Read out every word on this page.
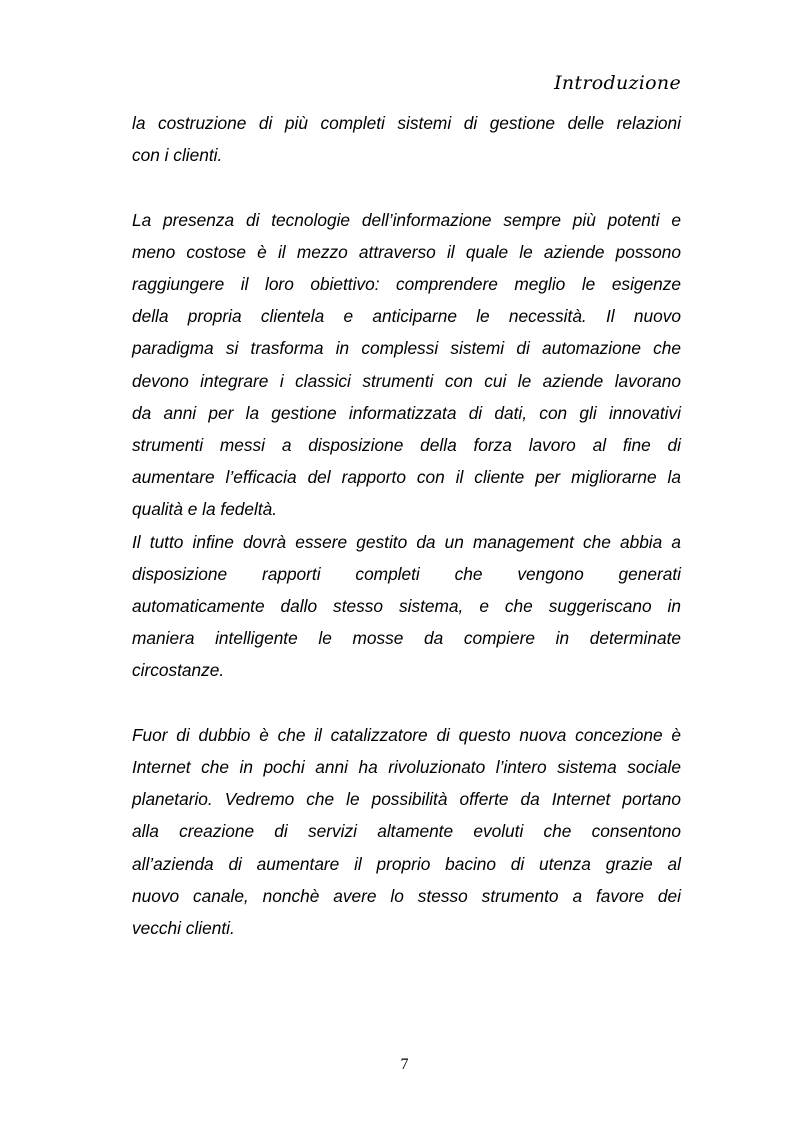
Introduzione
la costruzione di più completi sistemi di gestione delle relazioni
con i clienti.
La presenza di tecnologie dell’informazione sempre più potenti e
meno costose è il mezzo attraverso il quale le aziende possono
raggiungere il loro obiettivo: comprendere meglio le esigenze
della propria clientela e anticiparne le necessità. Il nuovo
paradigma si trasforma in complessi sistemi di automazione che
devono integrare i classici strumenti con cui le aziende lavorano
da anni per la gestione informatizzata di dati, con gli innovativi
strumenti messi a disposizione della forza lavoro al fine di
aumentare l’efficacia del rapporto con il cliente per migliorarne la
qualità e la fedeltà.
Il tutto infine dovrà essere gestito da un management che abbia a
disposizione rapporti completi che vengono generati
automaticamente dallo stesso sistema, e che suggeriscano in
maniera intelligente le mosse da compiere in determinate
circostanze.
Fuor di dubbio è che il catalizzatore di questo nuova concezione è
Internet che in pochi anni ha rivoluzionato l’intero sistema sociale
planetario. Vedremo che le possibilità offerte da Internet portano
alla creazione di servizi altamente evoluti che consentono
all’azienda di aumentare il proprio bacino di utenza grazie al
nuovo canale, nonchè avere lo stesso strumento a favore dei
vecchi clienti.
7
